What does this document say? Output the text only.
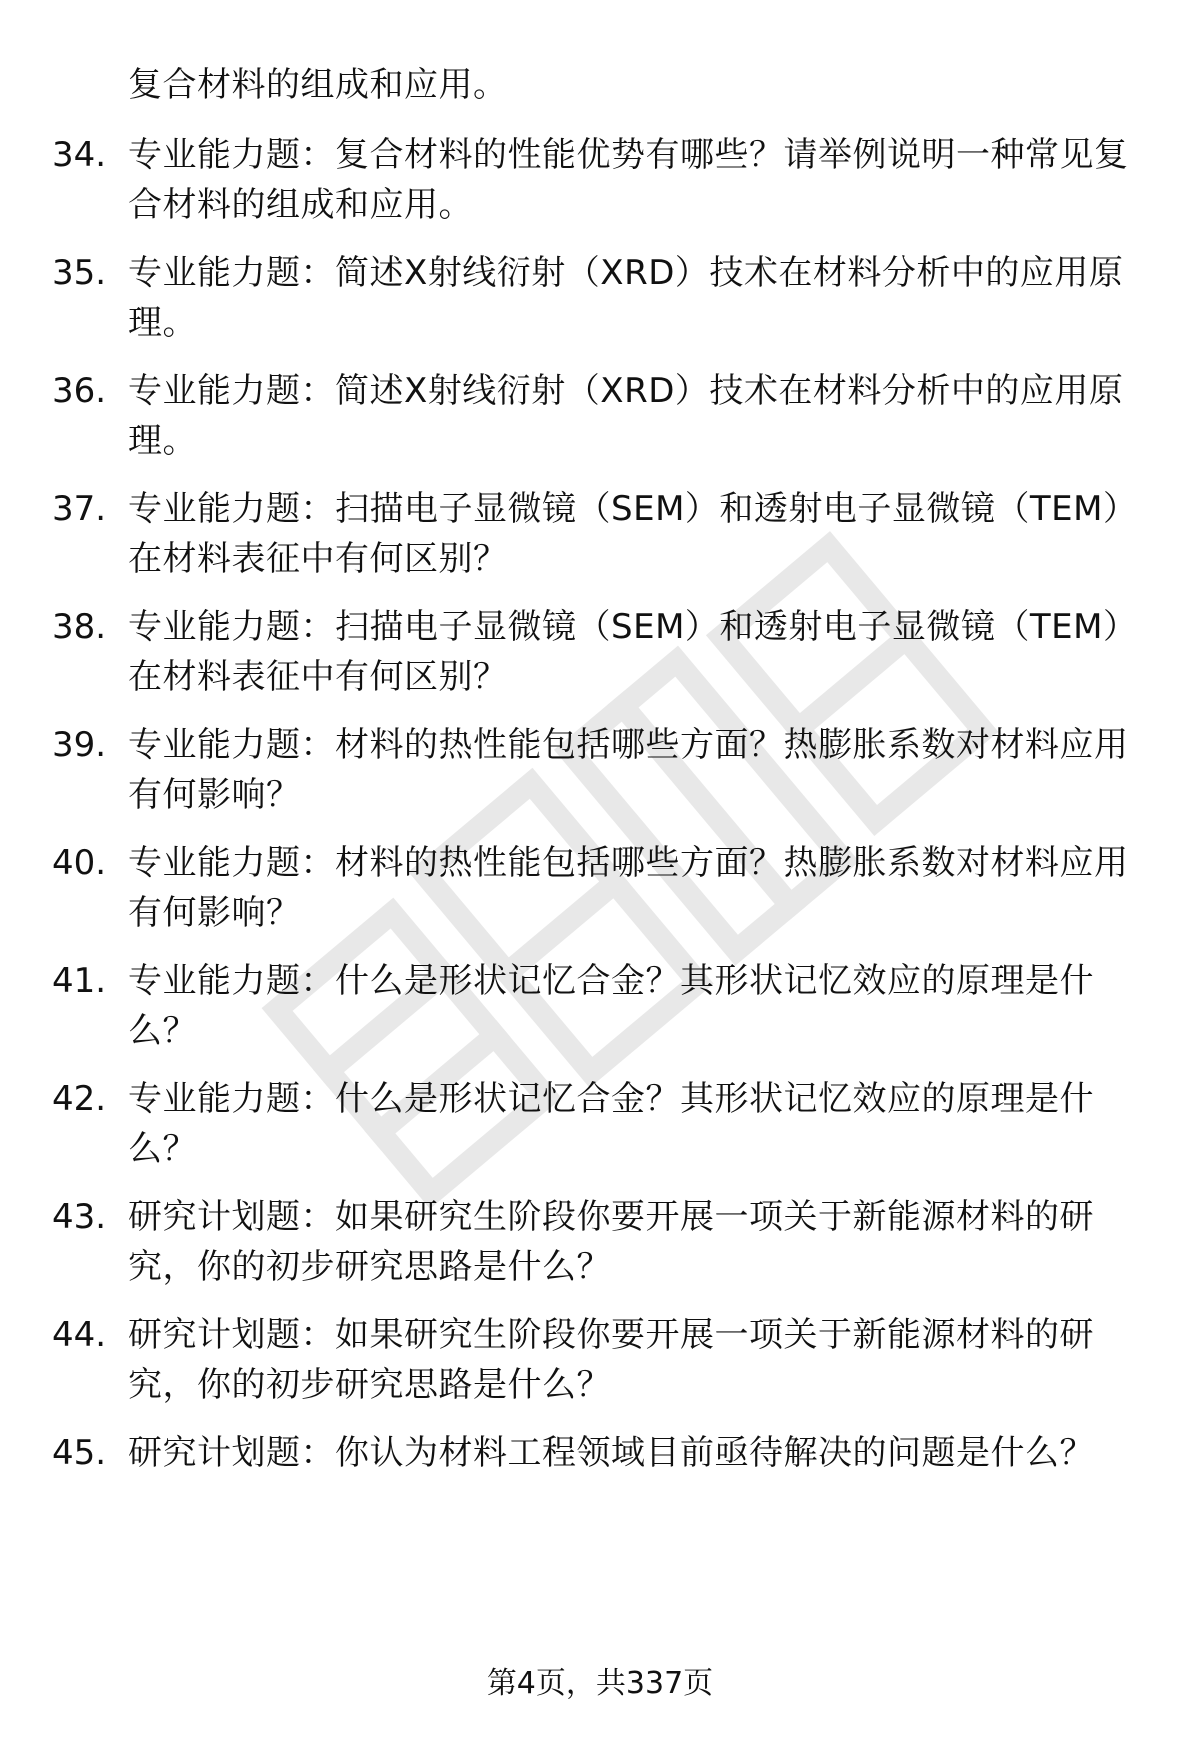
复合材料的组成和应用。
34. 专业能力题：复合材料的性能优势有哪些？请举例说明一种常见复合材料的组成和应用。
35. 专业能力题：简述X射线衍射（XRD）技术在材料分析中的应用原理。
36. 专业能力题：简述X射线衍射（XRD）技术在材料分析中的应用原理。
37. 专业能力题：扫描电子显微镜（SEM）和透射电子显微镜（TEM）在材料表征中有何区别？
38. 专业能力题：扫描电子显微镜（SEM）和透射电子显微镜（TEM）在材料表征中有何区别？
39. 专业能力题：材料的热性能包括哪些方面？热膨胀系数对材料应用有何影响？
40. 专业能力题：材料的热性能包括哪些方面？热膨胀系数对材料应用有何影响？
41. 专业能力题：什么是形状记忆合金？其形状记忆效应的原理是什么？
42. 专业能力题：什么是形状记忆合金？其形状记忆效应的原理是什么？
43. 研究计划题：如果研究生阶段你要开展一项关于新能源材料的研究，你的初步研究思路是什么？
44. 研究计划题：如果研究生阶段你要开展一项关于新能源材料的研究，你的初步研究思路是什么？
45. 研究计划题：你认为材料工程领域目前亟待解决的问题是什么？
第4页，共337页
